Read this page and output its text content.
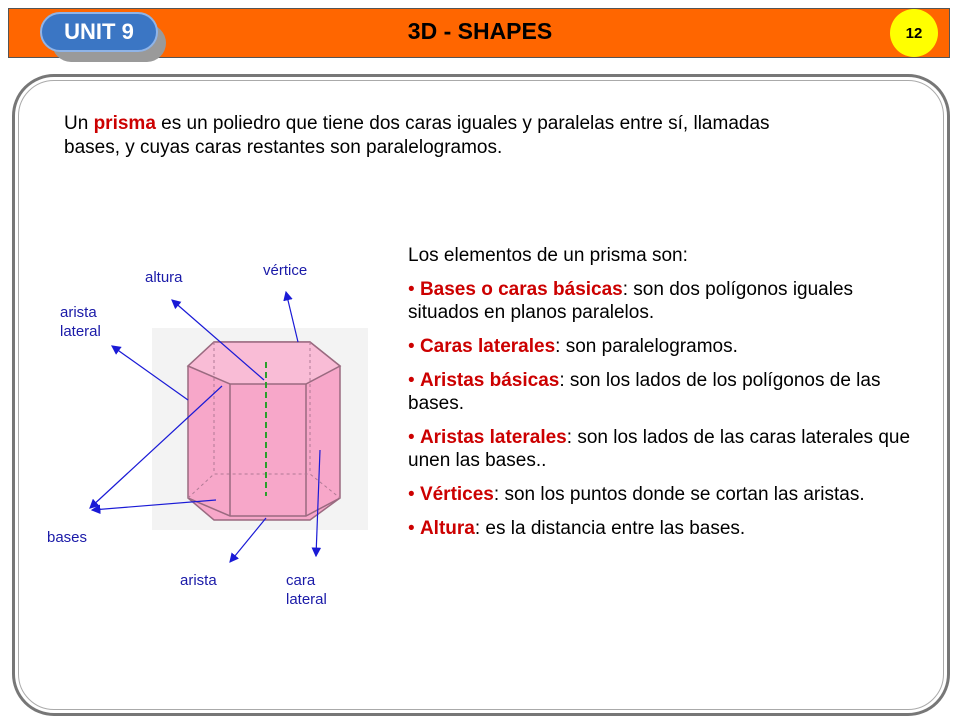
UNIT 9	3D - SHAPES	12
Un prisma es un poliedro que tiene dos caras iguales y paralelas entre sí, llamadas bases, y cuyas caras restantes son paralelogramos.
altura	vértice
arista
lateral
bases
arista	cara
lateral

Los elementos de un prisma son:

• Bases o caras básicas: son dos polígonos iguales situados en planos paralelos.

• Caras laterales: son paralelogramos.

• Aristas básicas: son los lados de los polígonos de las bases.

• Aristas laterales: son los lados de las caras laterales que unen las bases..

• Vértices: son los puntos donde se cortan las aristas.

• Altura: es la distancia entre las bases.
